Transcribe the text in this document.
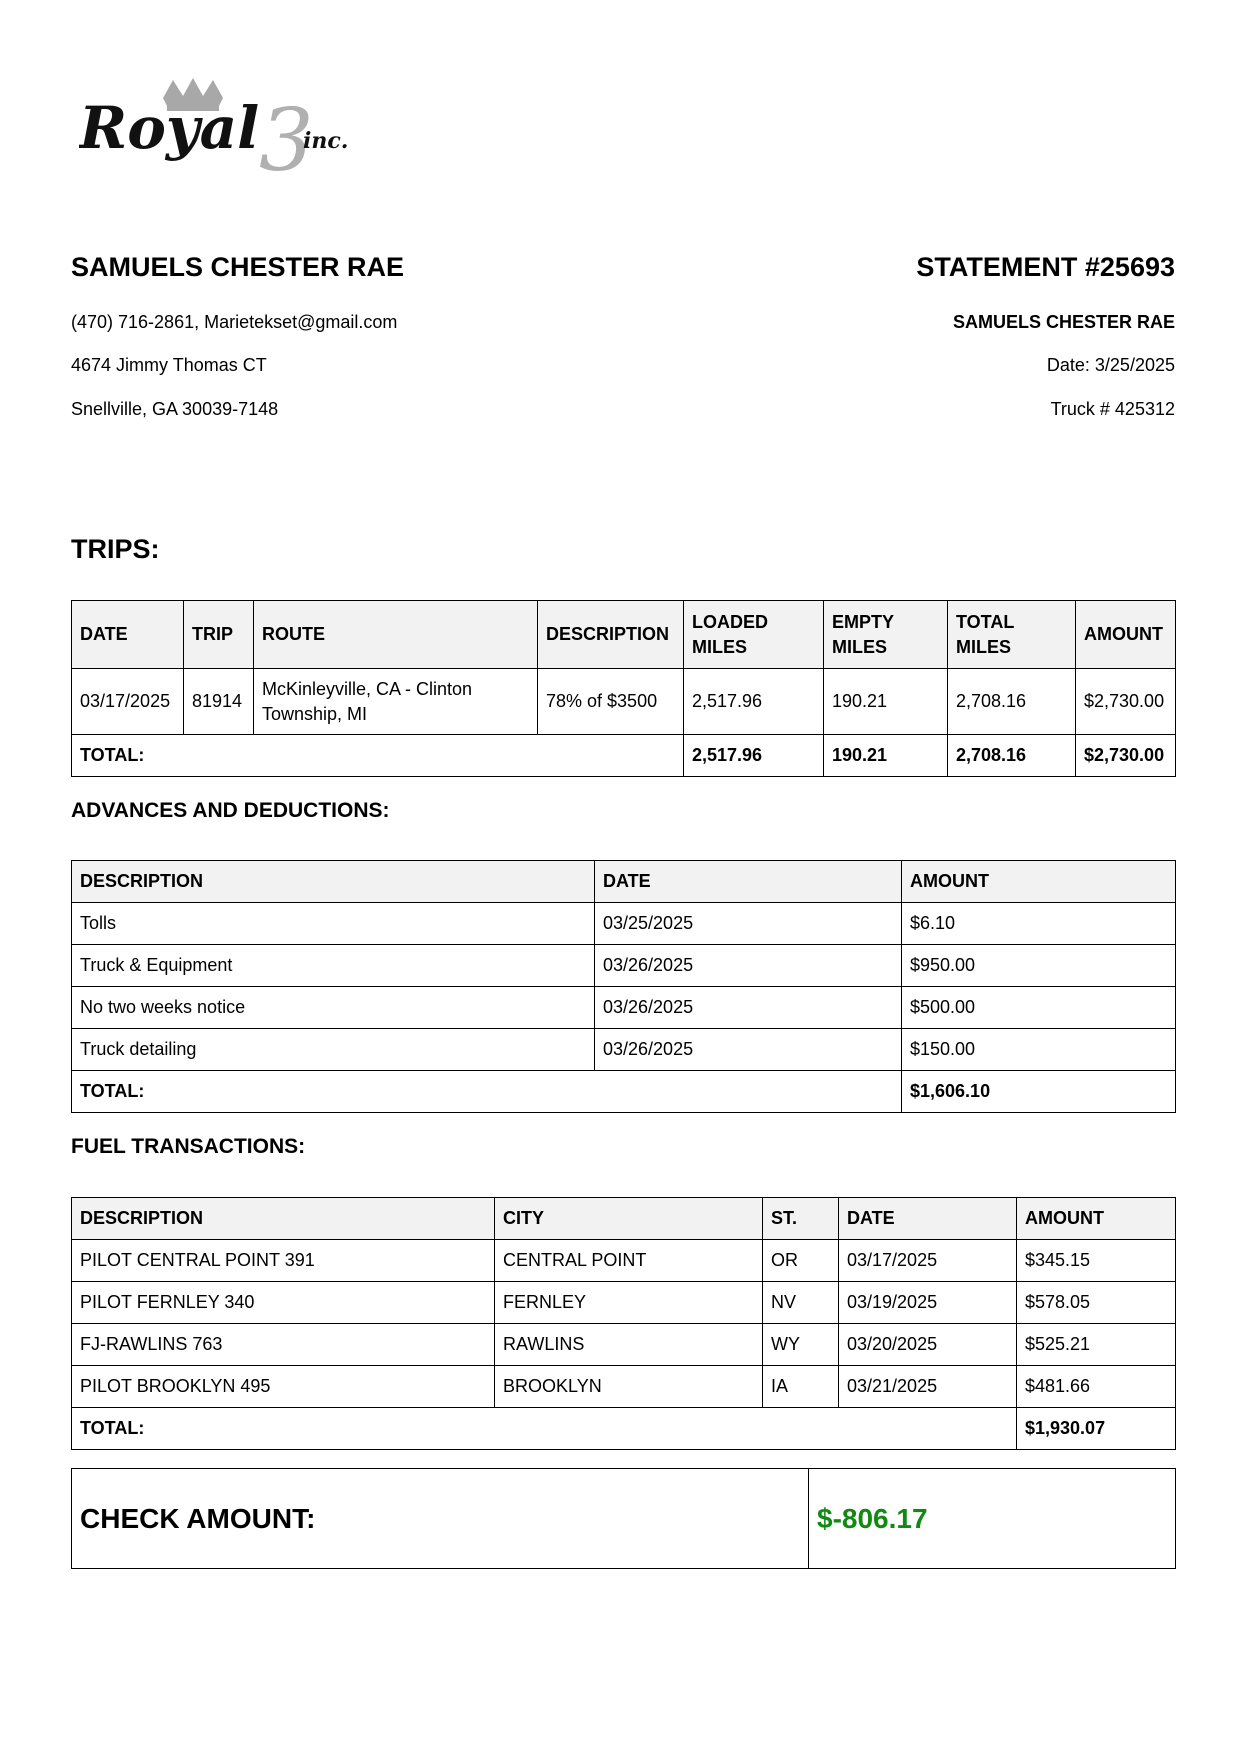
3
Royal inc.

SAMUELS CHESTER RAE

(470) 716-2861, Marietekset@gmail.com

4674 Jimmy Thomas CT

Snellville, GA 30039-7148

STATEMENT #25693

SAMUELS CHESTER RAE

Date: 3/25/2025

Truck # 425312

TRIPS:

DATE	TRIP	ROUTE	DESCRIPTION	LOADED MILES	EMPTY MILES	TOTAL MILES	AMOUNT
03/17/2025	81914	McKinleyville, CA - Clinton Township, MI	78% of $3500	2,517.96	190.21	2,708.16	$2,730.00
TOTAL:				2,517.96	190.21	2,708.16	$2,730.00

ADVANCES AND DEDUCTIONS:

DESCRIPTION	DATE	AMOUNT
Tolls	03/25/2025	$6.10
Truck & Equipment	03/26/2025	$950.00
No two weeks notice	03/26/2025	$500.00
Truck detailing	03/26/2025	$150.00
TOTAL:		$1,606.10

FUEL TRANSACTIONS:

DESCRIPTION	CITY	ST.	DATE	AMOUNT
PILOT CENTRAL POINT 391	CENTRAL POINT	OR	03/17/2025	$345.15
PILOT FERNLEY 340	FERNLEY	NV	03/19/2025	$578.05
FJ-RAWLINS 763	RAWLINS	WY	03/20/2025	$525.21
PILOT BROOKLYN 495	BROOKLYN	IA	03/21/2025	$481.66
TOTAL:				$1,930.07
CHECK AMOUNT:	$-806.17
